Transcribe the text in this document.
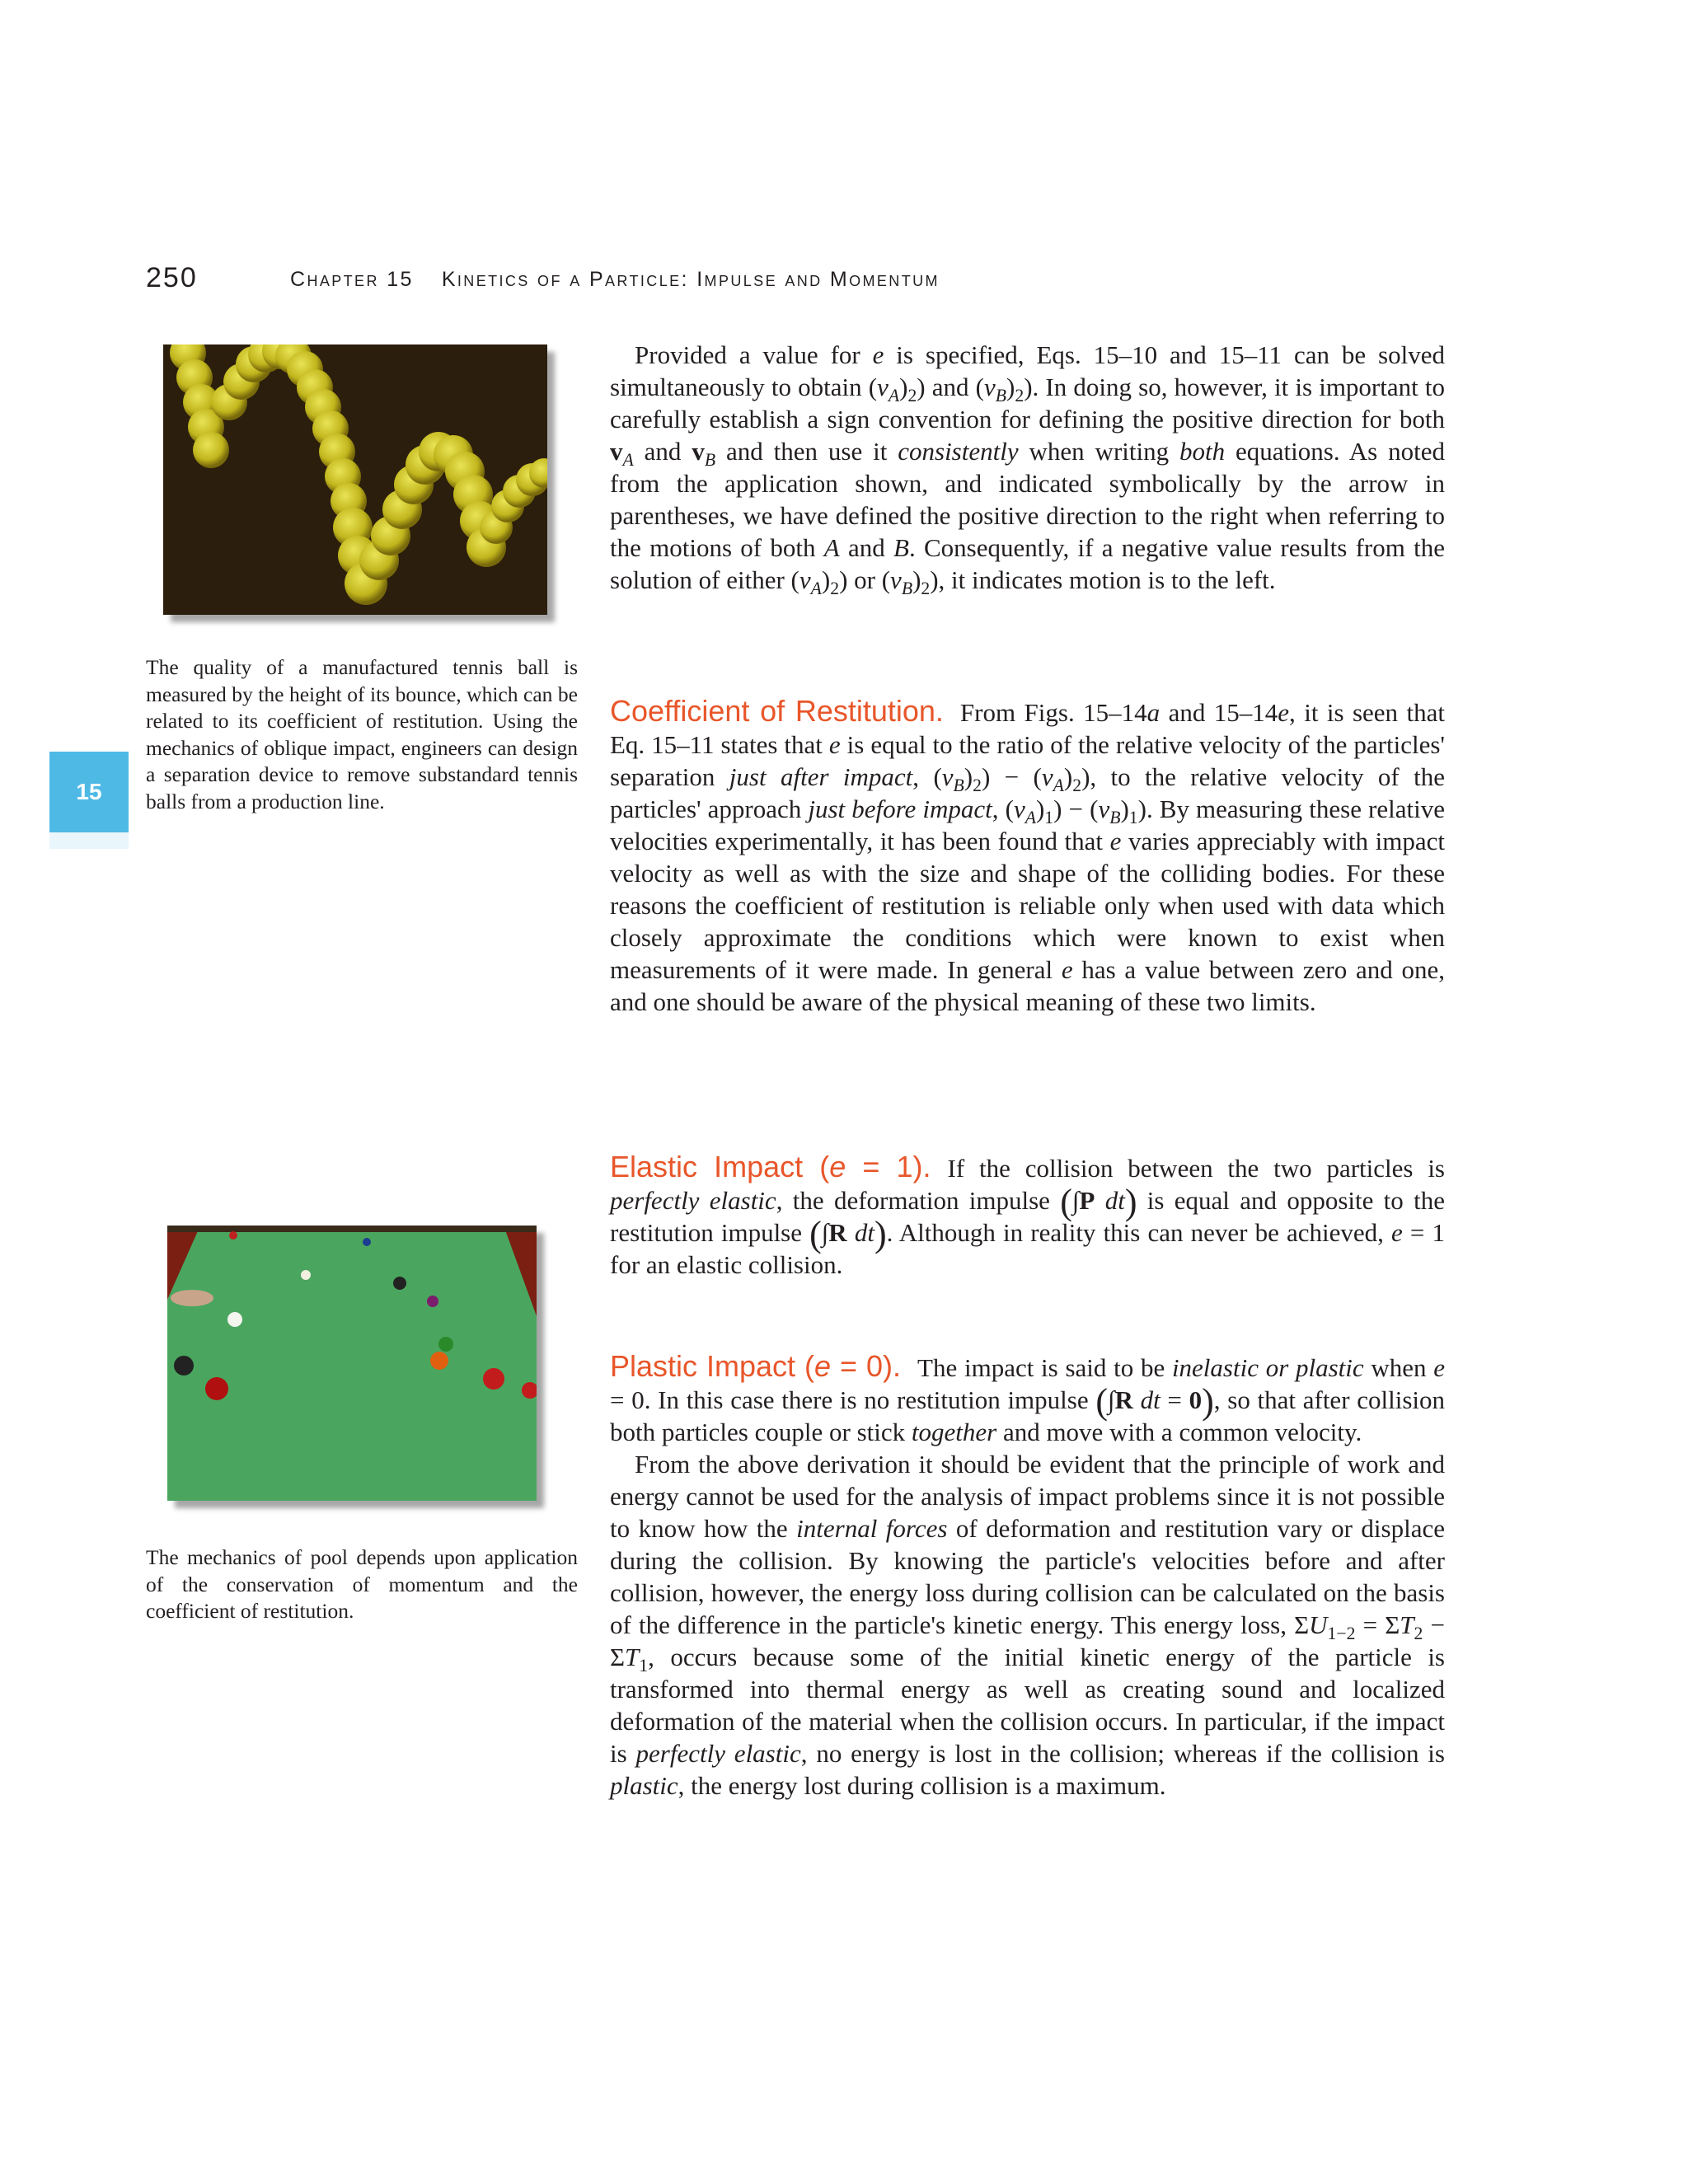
250	Chapter 15 Kinetics of a Particle: Impulse and Momentum
15
The quality of a manufactured tennis ball is measured by the height of its bounce, which can be related to its coefficient of restitution. Using the mechanics of oblique impact, engineers can design a separation device to remove substandard tennis balls from a production line.
The mechanics of pool depends upon application of the conservation of momentum and the coefficient of restitution.

Provided a value for e is specified, Eqs. 15–10 and 15–11 can be solved simultaneously to obtain $(v_A)_2$) and $(v_B)_2$). In doing so, however, it is important to carefully establish a sign convention for defining the positive direction for both $v_A$ and $v_B$ and then use it consistently when writing both equations. As noted from the application shown, and indicated symbolically by the arrow in parentheses, we have defined the positive direction to the right when referring to the motions of both A and B. Consequently, if a negative value results from the solution of either $(v_A)_2$) or $(v_B)_2$), it indicates motion is to the left.

Coefficient of Restitution. From Figs. 15–14a and 15–14e, it is seen that Eq. 15–11 states that e is equal to the ratio of the relative velocity of the particles' separation just after impact, $(v_B)_2) - (v_A)_2$), to the relative velocity of the particles' approach just before impact, $(v_A)_1) - (v_B)_1$). By measuring these relative velocities experimentally, it has been found that e varies appreciably with impact velocity as well as with the size and shape of the colliding bodies. For these reasons the coefficient of restitution is reliable only when used with data which closely approximate the conditions which were known to exist when measurements of it were made. In general e has a value between zero and one, and one should be aware of the physical meaning of these two limits.

Elastic Impact (e = 1). If the collision between the two particles is perfectly elastic, the deformation impulse (∫P dt) is equal and opposite to the restitution impulse (∫R dt). Although in reality this can never be achieved, e = 1 for an elastic collision.

Plastic Impact (e = 0). The impact is said to be inelastic or plastic when e = 0. In this case there is no restitution impulse (∫R dt = 0), so that after collision both particles couple or stick together and move with a common velocity.

From the above derivation it should be evident that the principle of work and energy cannot be used for the analysis of impact problems since it is not possible to know how the internal forces of deformation and restitution vary or displace during the collision. By knowing the particle's velocities before and after collision, however, the energy loss during collision can be calculated on the basis of the difference in the particle's kinetic energy. This energy loss, $\Sigma U_{1-2} = \Sigma T_2 - \Sigma T_1$, occurs because some of the initial kinetic energy of the particle is transformed into thermal energy as well as creating sound and localized deformation of the material when the collision occurs. In particular, if the impact is perfectly elastic, no energy is lost in the collision; whereas if the collision is plastic, the energy lost during collision is a maximum.
